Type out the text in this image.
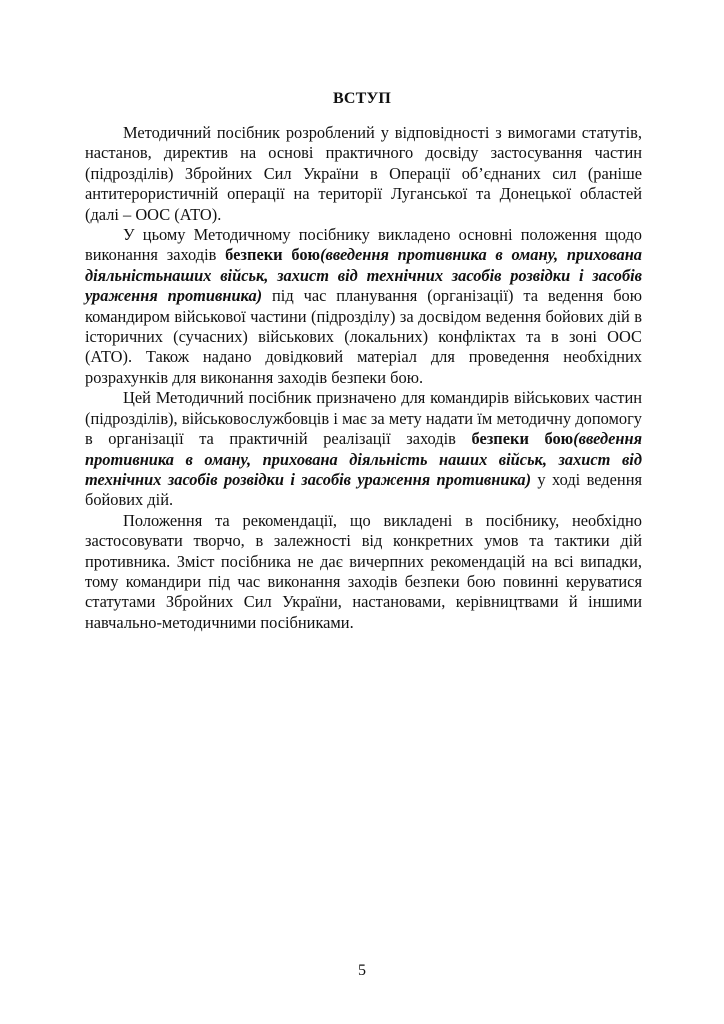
ВСТУП

Методичний посібник розроблений у відповідності з вимогами статутів, настанов, директив на основі практичного досвіду застосування частин (підрозділів) Збройних Сил України в Операції об’єднаних сил (раніше антитерористичній операції на території Луганської та Донецької областей (далі – ООС (АТО).

У цьому Методичному посібнику викладено основні положення щодо виконання заходів безпеки бою(введення противника в оману, прихована діяльністьнаших військ, захист від технічних засобів розвідки і засобів ураження противника) під час планування (організації) та ведення бою командиром військової частини (підрозділу) за досвідом ведення бойових дій в історичних (сучасних) військових (локальних) конфліктах та в зоні ООС (АТО). Також надано довідковий матеріал для проведення необхідних розрахунків для виконання заходів безпеки бою.

Цей Методичний посібник призначено для командирів військових частин (підрозділів), військовослужбовців і має за мету надати їм методичну допомогу в організації та практичній реалізації заходів безпеки бою(введення противника в оману, прихована діяльність наших військ, захист від технічних засобів розвідки і засобів ураження противника) у ході ведення бойових дій.

Положення та рекомендації, що викладені в посібнику, необхідно застосовувати творчо, в залежності від конкретних умов та тактики дій противника. Зміст посібника не дає вичерпних рекомендацій на всі випадки, тому командири під час виконання заходів безпеки бою повинні керуватися статутами Збройних Сил України, настановами, керівництвами й іншими навчально-методичними посібниками.

5
